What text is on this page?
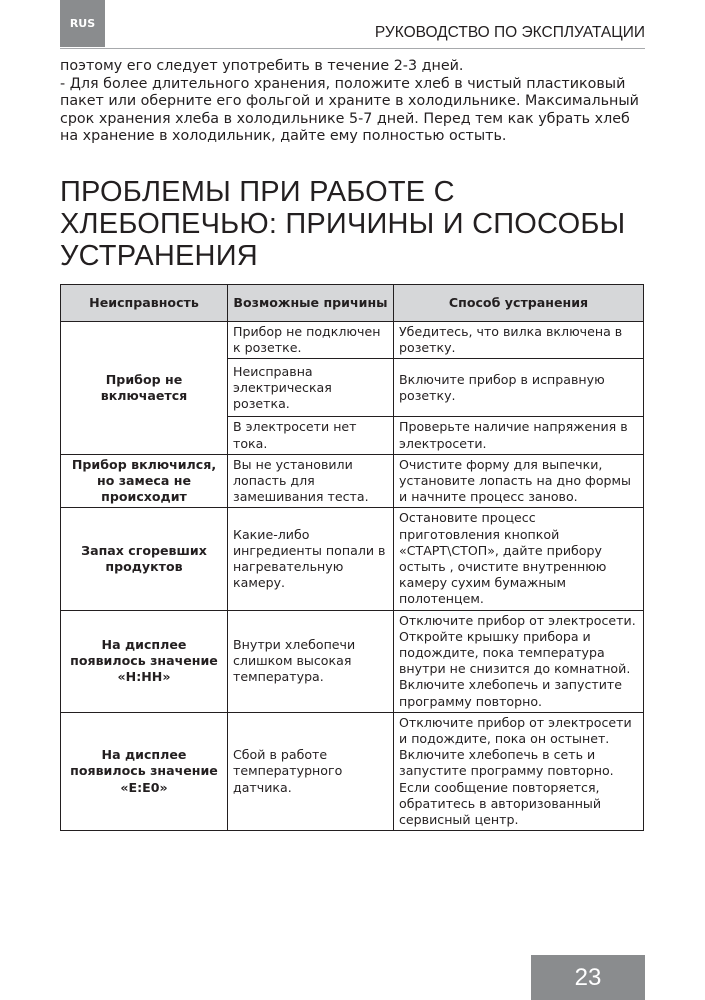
RUS
РУКОВОДСТВО ПО ЭКСПЛУАТАЦИИ

поэтому его следует употребить в течение 2-3 дней.

- Для более длительного хранения, положите хлеб в чистый пластиковый пакет или оберните его фольгой и храните в холодильнике. Максимальный срок хранения хлеба в холодильнике 5-7 дней. Перед тем как убрать хлеб на хранение в холодильник, дайте ему полностью остыть.

ПРОБЛЕМЫ ПРИ РАБОТЕ С ХЛЕБОПЕЧЬЮ: ПРИЧИНЫ И СПОСОБЫ УСТРАНЕНИЯ
Неисправность	Возможные причины	Способ устранения
Прибор не включается	Прибор не подключен к розетке.	Убедитесь, что вилка включена в розетку.
	Неисправна электрическая розетка.	Включите прибор в исправную розетку.
	В электросети нет тока.	Проверьте наличие напряжения в электросети.
Прибор включился, но замеса не происходит	Вы не установили лопасть для замешивания теста.	Очистите форму для выпечки, установите лопасть на дно формы и начните процесс заново.
Запах сгоревших продуктов	Какие-либо ингредиенты попали в нагревательную камеру.	Остановите процесс приготовления кнопкой «СТАРТ\СТОП», дайте прибору остыть , очистите внутреннюю камеру сухим бумажным полотенцем.
На дисплее появилось значение «H:HH»	Внутри хлебопечи слишком высокая температура.	Отключите прибор от электросети. Откройте крышку прибора и подождите, пока температура внутри не снизится до комнатной. Включите хлебопечь и запустите программу повторно.
На дисплее появилось значение «E:E0»	Сбой в работе температурного датчика.	Отключите прибор от электросети и подождите, пока он остынет. Включите хлебопечь в сеть и запустите программу повторно. Если сообщение повторяется, обратитесь в авторизованный сервисный центр.
23
